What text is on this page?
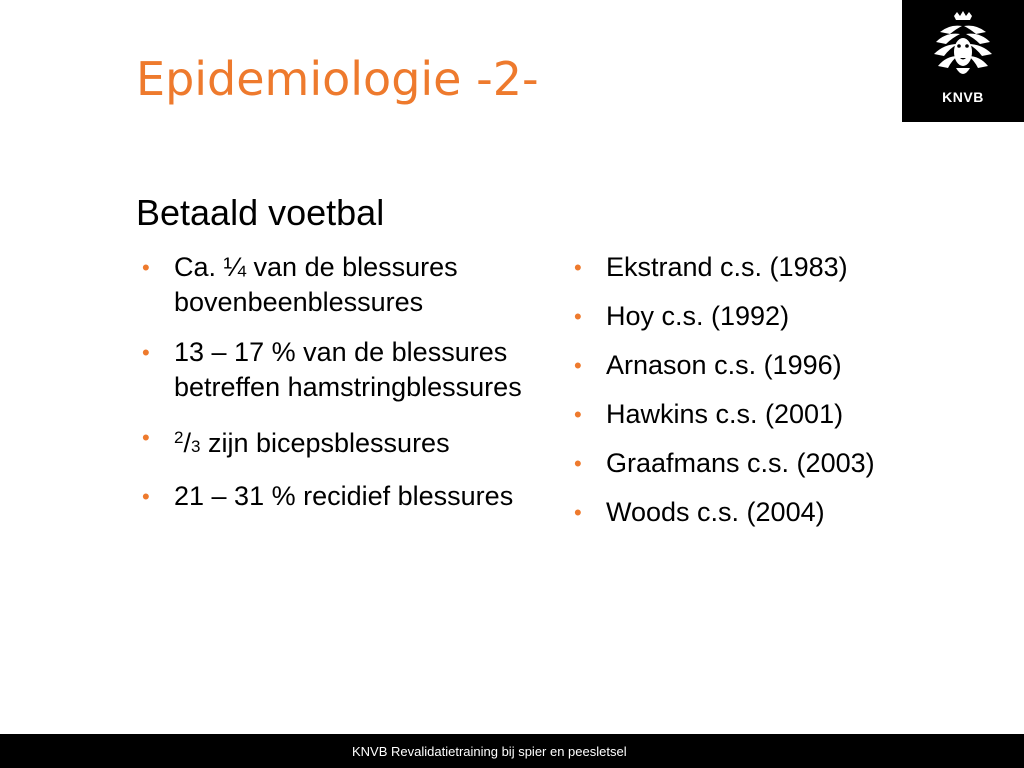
Epidemiologie -2-	KNVB
Betaald voetbal
• Ca. ¼ van de blessures bovenbeenblessures
• 13 – 17 % van de blessures betreffen hamstringblessures
• $^2$/3 zijn bicepsblessures
• 21 – 31 % recidief blessures
• Ekstrand c.s. (1983)
• Hoy c.s. (1992)
• Arnason c.s. (1996)
• Hawkins c.s. (2001)
• Graafmans c.s. (2003)
• Woods c.s. (2004)
KNVB Revalidatietraining bij spier en peesletsel
